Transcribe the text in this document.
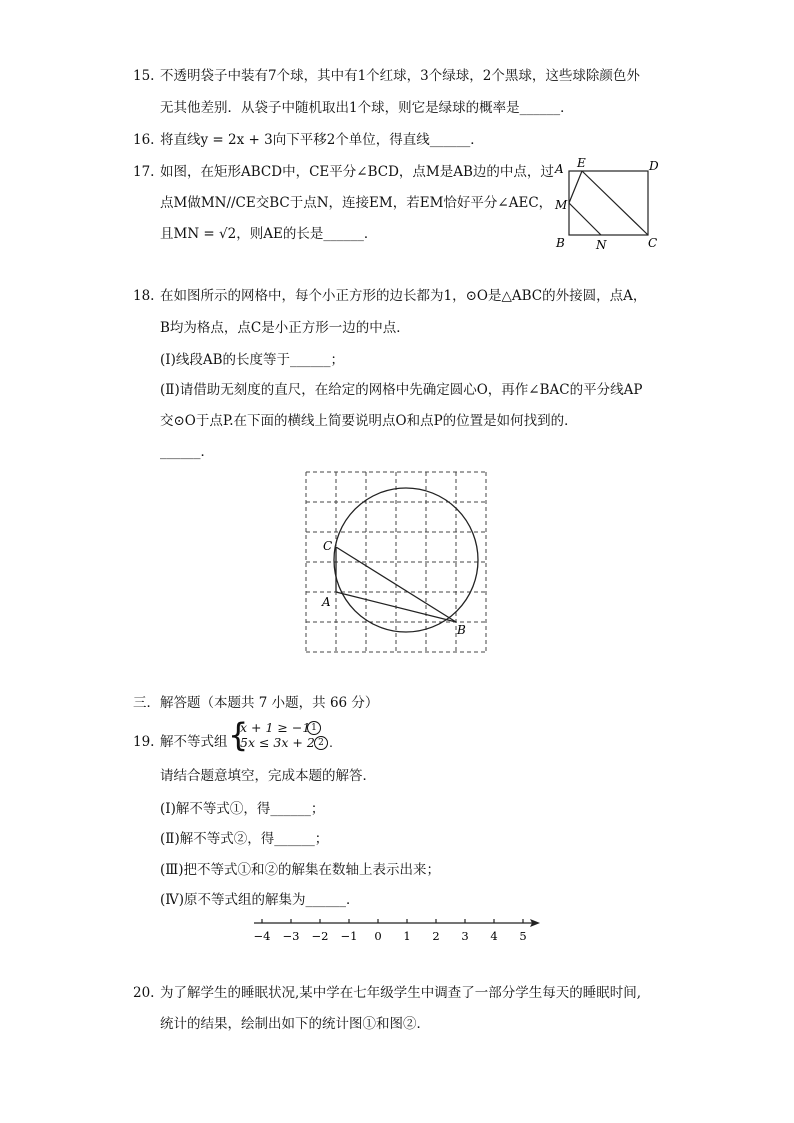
15. 不透明袋子中装有7个球，其中有1个红球，3个绿球，2个黑球，这些球除颜色外
无其他差别．从袋子中随机取出1个球，则它是绿球的概率是______．
16. 将直线y = 2x + 3向下平移2个单位，得直线______．
17. 如图，在矩形ABCD中，CE平分∠BCD，点M是AB边的中点，过
点M做MN//CE交BC于点N，连接EM，若EM恰好平分∠AEC，
且MN = √2，则AE的长是______．
A E	D
M
B	N	C
18. 在如图所示的网格中，每个小正方形的边长都为1，⊙O是△ABC的外接圆，点A，
B均为格点，点C是小正方形一边的中点．
(Ⅰ)线段AB的长度等于______；
(Ⅱ)请借助无刻度的直尺，在给定的网格中先确定圆心O，再作∠BAC的平分线AP
交⊙O于点P.在下面的横线上简要说明点O和点P的位置是如何找到的．
______．
C
A
B
三．解答题（本题共 7 小题，共 66 分）
19. 解不等式组 {
x + 1 ≥ −1 1
5x ≤ 3x + 2 2 .
请结合题意填空，完成本题的解答．
(Ⅰ)解不等式①，得______；
(Ⅱ)解不等式②，得______；
(Ⅲ)把不等式①和②的解集在数轴上表示出来；
(Ⅳ)原不等式组的解集为______．
−4 −3 −2 −1 0 1 2 3 4 5
20. 为了解学生的睡眠状况,某中学在七年级学生中调查了一部分学生每天的睡眠时间,
统计的结果，绘制出如下的统计图①和图②．
